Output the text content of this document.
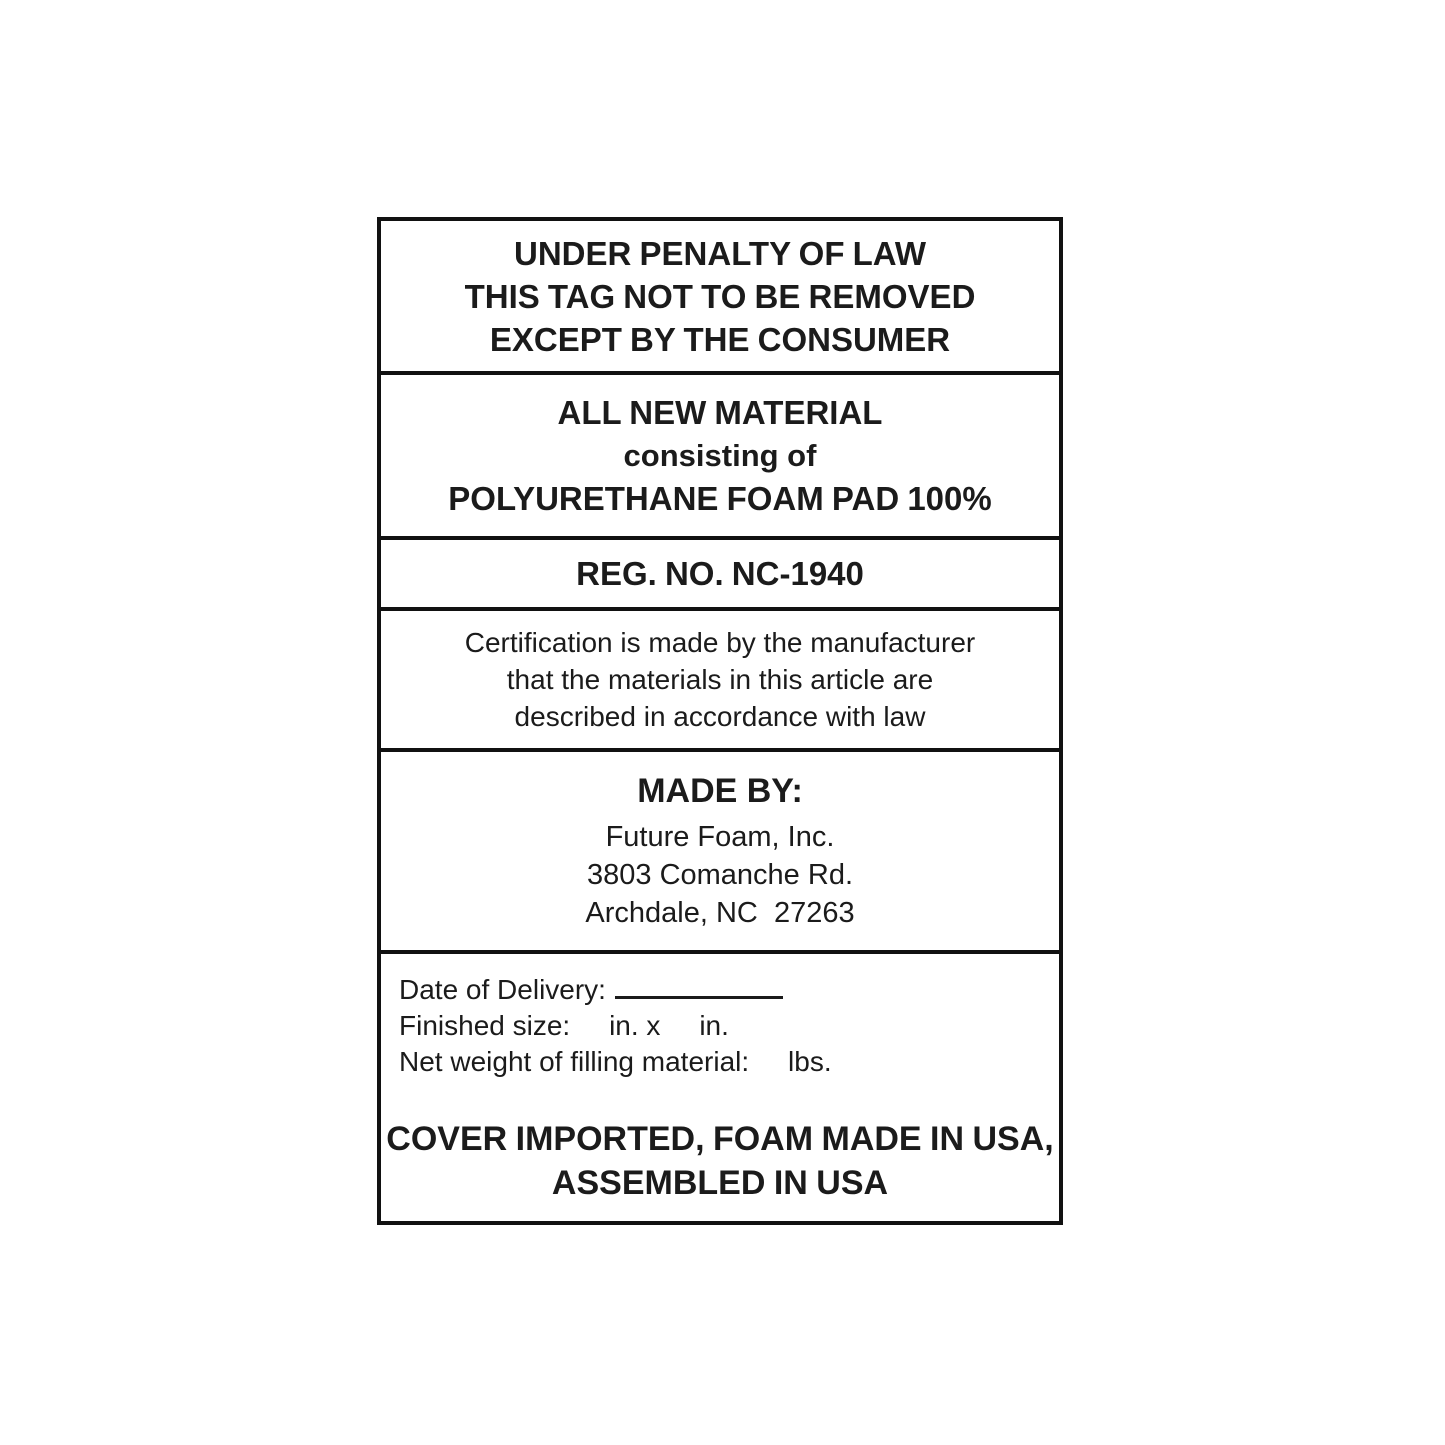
UNDER PENALTY OF LAW
THIS TAG NOT TO BE REMOVED
EXCEPT BY THE CONSUMER
ALL NEW MATERIAL
consisting of
POLYURETHANE FOAM PAD 100%
REG. NO. NC-1940
Certification is made by the manufacturer
that the materials in this article are
described in accordance with law
MADE BY:
Future Foam, Inc.
3803 Comanche Rd.
Archdale, NC  27263
Date of Delivery:
Finished size:     in. x     in.
Net weight of filling material:     lbs.
COVER IMPORTED, FOAM MADE IN USA,
ASSEMBLED IN USA
